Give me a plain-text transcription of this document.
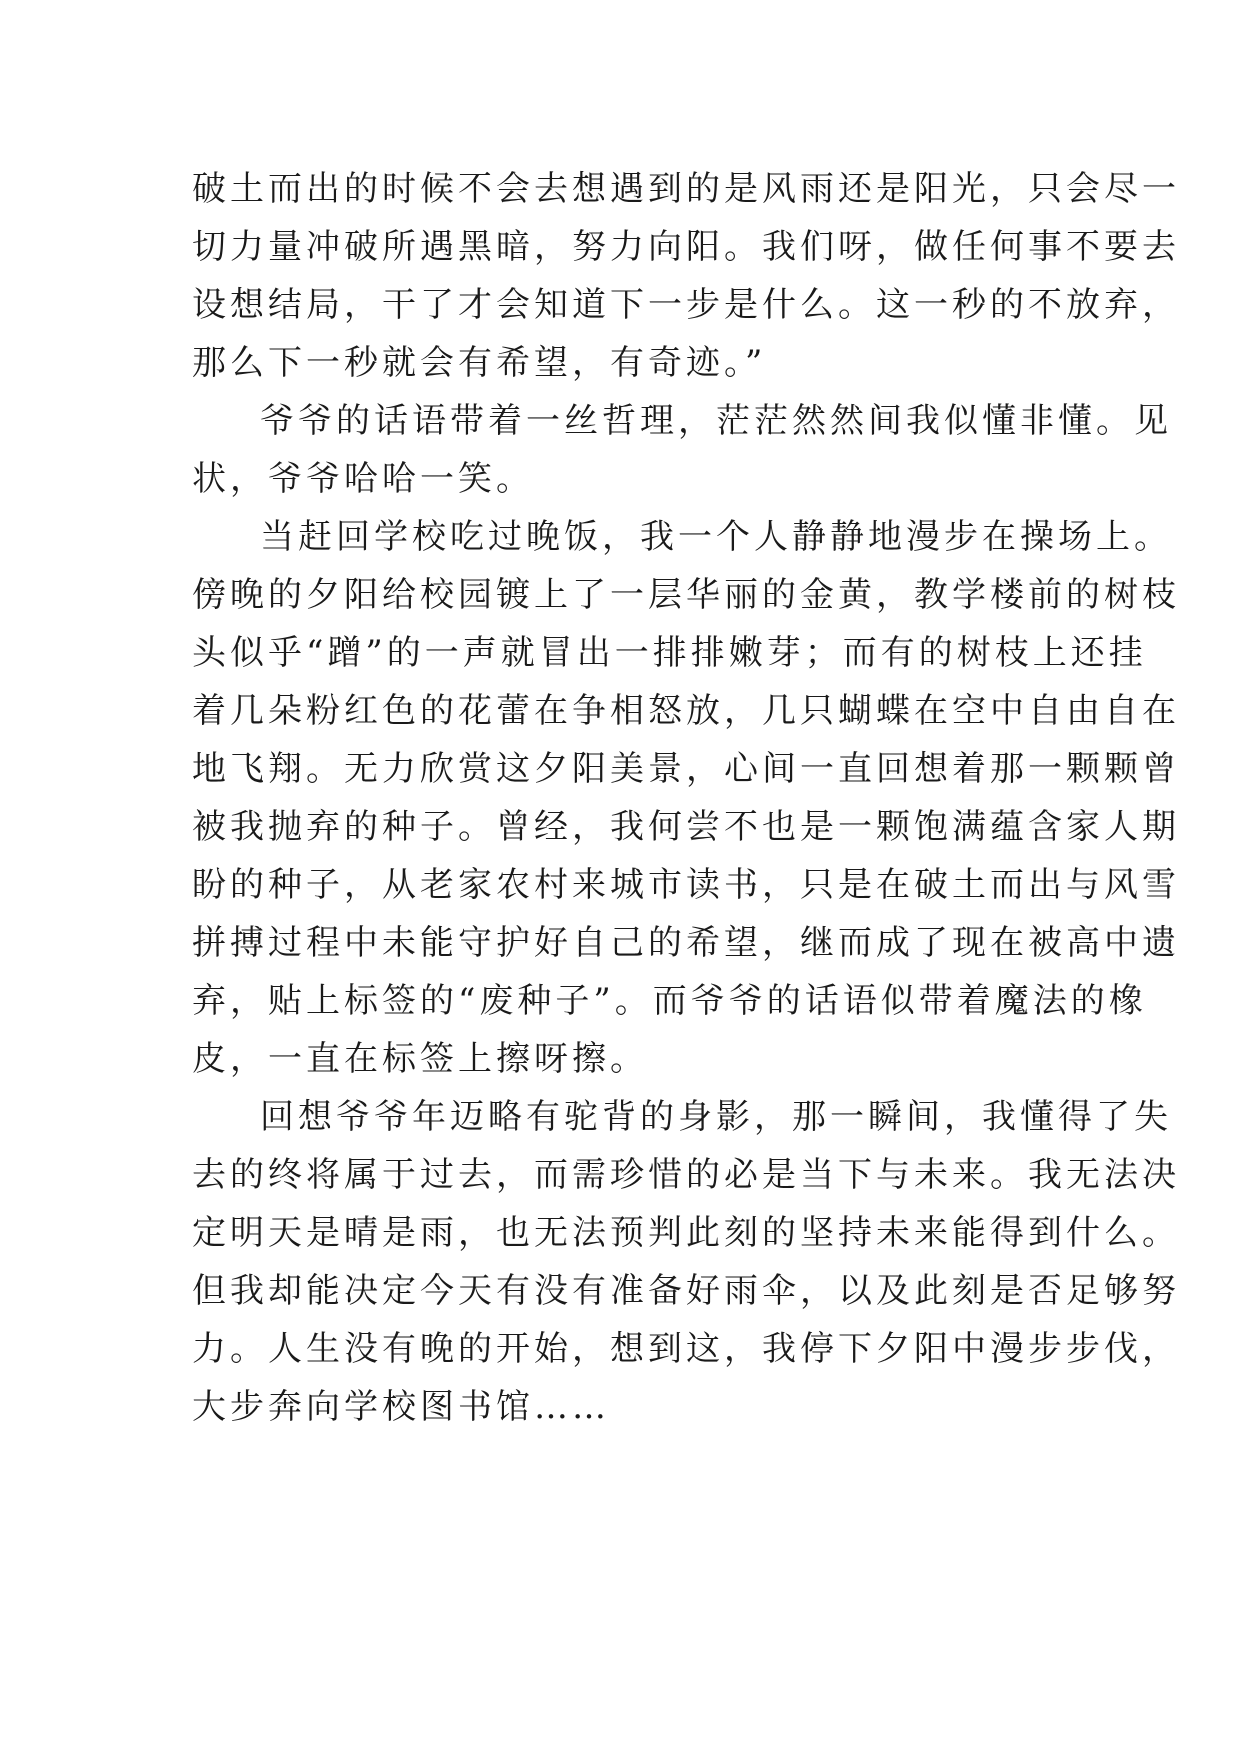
破土而出的时候不会去想遇到的是风雨还是阳光，只会尽一
切力量冲破所遇黑暗，努力向阳。我们呀，做任何事不要去
设想结局，干了才会知道下一步是什么。这一秒的不放弃，
那么下一秒就会有希望，有奇迹。”
爷爷的话语带着一丝哲理，茫茫然然间我似懂非懂。见
状，爷爷哈哈一笑。
当赶回学校吃过晚饭，我一个人静静地漫步在操场上。
傍晚的夕阳给校园镀上了一层华丽的金黄，教学楼前的树枝
头似乎“蹭”的一声就冒出一排排嫩芽；而有的树枝上还挂
着几朵粉红色的花蕾在争相怒放，几只蝴蝶在空中自由自在
地飞翔。无力欣赏这夕阳美景，心间一直回想着那一颗颗曾
被我抛弃的种子。曾经，我何尝不也是一颗饱满蕴含家人期
盼的种子，从老家农村来城市读书，只是在破土而出与风雪
拼搏过程中未能守护好自己的希望，继而成了现在被高中遗
弃，贴上标签的“废种子”。而爷爷的话语似带着魔法的橡
皮，一直在标签上擦呀擦。
回想爷爷年迈略有驼背的身影，那一瞬间，我懂得了失
去的终将属于过去，而需珍惜的必是当下与未来。我无法决
定明天是晴是雨，也无法预判此刻的坚持未来能得到什么。
但我却能决定今天有没有准备好雨伞，以及此刻是否足够努
力。人生没有晚的开始，想到这，我停下夕阳中漫步步伐，
大步奔向学校图书馆……
